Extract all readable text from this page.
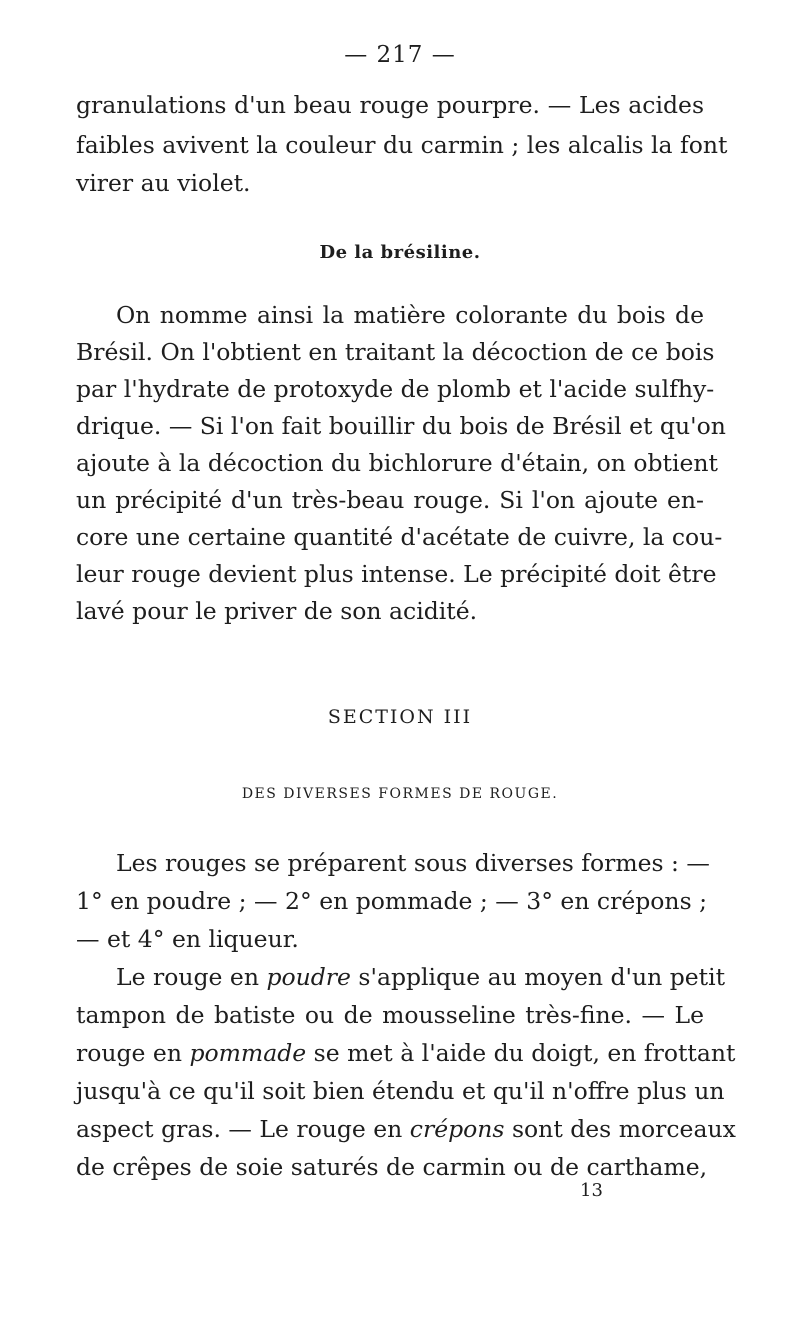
— 217 —

granulations d'un beau rouge pourpre. — Les acides

faibles avivent la couleur du carmin ; les alcalis la font

virer au violet.

De la brésiline.

On nomme ainsi la matière colorante du bois de

Brésil. On l'obtient en traitant la décoction de ce bois

par l'hydrate de protoxyde de plomb et l'acide sulfhy-

drique. — Si l'on fait bouillir du bois de Brésil et qu'on

ajoute à la décoction du bichlorure d'étain, on obtient

un précipité d'un très-beau rouge. Si l'on ajoute en-

core une certaine quantité d'acétate de cuivre, la cou-

leur rouge devient plus intense. Le précipité doit être

lavé pour le priver de son acidité.

SECTION III

DES DIVERSES FORMES DE ROUGE.

Les rouges se préparent sous diverses formes : —

1° en poudre ; — 2° en pommade ; — 3° en crépons ;

— et 4° en liqueur.

Le rouge en poudre s'applique au moyen d'un petit

tampon de batiste ou de mousseline très-fine. — Le

rouge en pommade se met à l'aide du doigt, en frottant

jusqu'à ce qu'il soit bien étendu et qu'il n'offre plus un

aspect gras. — Le rouge en crépons sont des morceaux

de crêpes de soie saturés de carmin ou de carthame,

13
